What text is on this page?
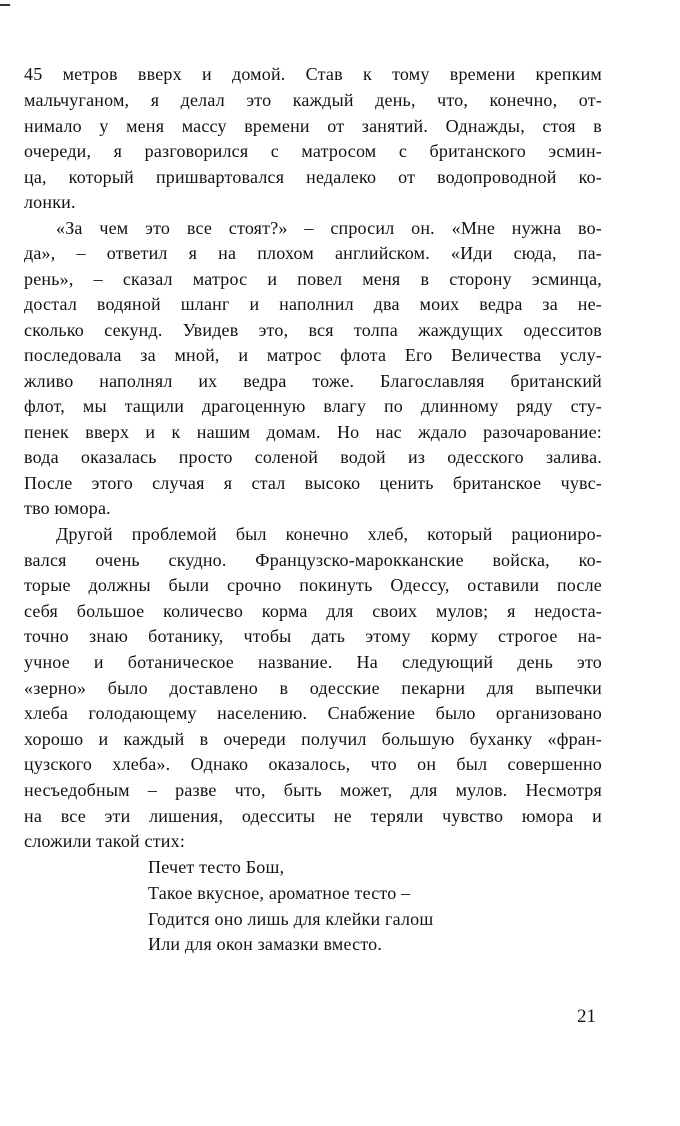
45 метров вверх и домой. Став к тому времени крепким
мальчуганом, я делал это каждый день, что, конечно, от-
нимало у меня массу времени от занятий. Однажды, стоя в
очереди, я разговорился с матросом с британского эсмин-
ца, который пришвартовался недалеко от водопроводной ко-
лонки.
«За чем это все стоят?» – спросил он. «Мне нужна во-
да», – ответил я на плохом английском. «Иди сюда, па-
рень», – сказал матрос и повел меня в сторону эсминца,
достал водяной шланг и наполнил два моих ведра за не-
сколько секунд. Увидев это, вся толпа жаждущих одесситов
последовала за мной, и матрос флота Его Величества услу-
жливо наполнял их ведра тоже. Благославляя британский
флот, мы тащили драгоценную влагу по длинному ряду сту-
пенек вверх и к нашим домам. Но нас ждало разочарование:
вода оказалась просто соленой водой из одесского залива.
После этого случая я стал высоко ценить британское чувс-
тво юмора.
Другой проблемой был конечно хлеб, который рациониро-
вался очень скудно. Французско-марокканские войска, ко-
торые должны были срочно покинуть Одессу, оставили после
себя большое количесво корма для своих мулов; я недоста-
точно знаю ботанику, чтобы дать этому корму строгое на-
учное и ботаническое название. На следующий день это
«зерно» было доставлено в одесские пекарни для выпечки
хлеба голодающему населению. Снабжение было организовано
хорошо и каждый в очереди получил большую буханку «фран-
цузского хлеба». Однако оказалось, что он был совершенно
несъедобным – разве что, быть может, для мулов. Несмотря
на все эти лишения, одесситы не теряли чувство юмора и
сложили такой стих:
Печет тесто Бош,
Такое вкусное, ароматное тесто –
Годится оно лишь для клейки галош
Или для окон замазки вместо.
21
